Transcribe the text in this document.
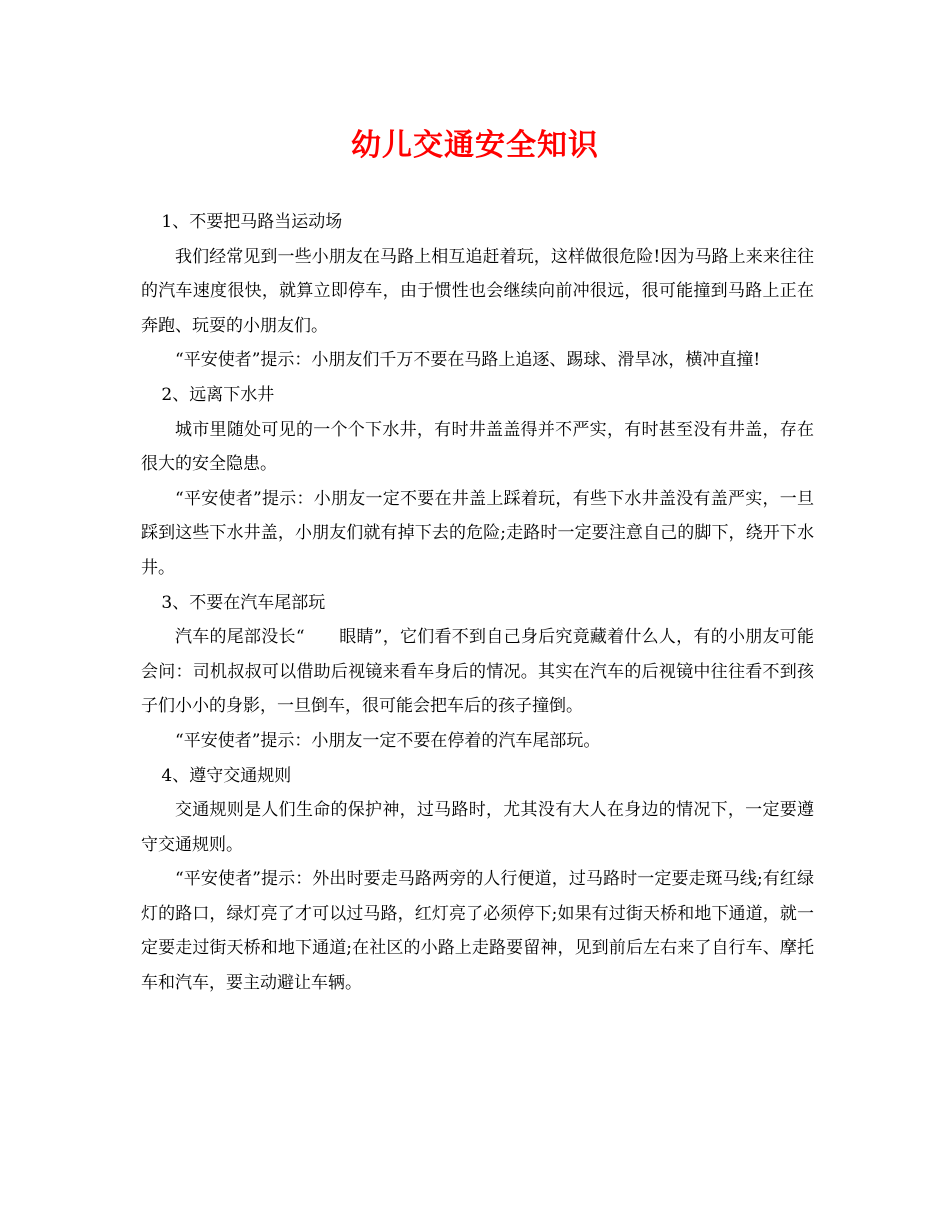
幼儿交通安全知识

1、不要把马路当运动场

我们经常见到一些小朋友在马路上相互追赶着玩，这样做很危险!因为马路上来来往往的汽车速度很快，就算立即停车，由于惯性也会继续向前冲很远，很可能撞到马路上正在奔跑、玩耍的小朋友们。

“平安使者”提示：小朋友们千万不要在马路上追逐、踢球、滑旱冰，横冲直撞!

2、远离下水井

城市里随处可见的一个个下水井，有时井盖盖得并不严实，有时甚至没有井盖，存在很大的安全隐患。

“平安使者”提示：小朋友一定不要在井盖上踩着玩，有些下水井盖没有盖严实，一旦踩到这些下水井盖，小朋友们就有掉下去的危险;走路时一定要注意自己的脚下，绕开下水井。

3、不要在汽车尾部玩

汽车的尾部没长“　　眼睛”，它们看不到自己身后究竟藏着什么人，有的小朋友可能会问：司机叔叔可以借助后视镜来看车身后的情况。其实在汽车的后视镜中往往看不到孩子们小小的身影，一旦倒车，很可能会把车后的孩子撞倒。

“平安使者”提示：小朋友一定不要在停着的汽车尾部玩。

4、遵守交通规则

交通规则是人们生命的保护神，过马路时，尤其没有大人在身边的情况下，一定要遵守交通规则。

“平安使者”提示：外出时要走马路两旁的人行便道，过马路时一定要走斑马线;有红绿灯的路口，绿灯亮了才可以过马路，红灯亮了必须停下;如果有过街天桥和地下通道，就一定要走过街天桥和地下通道;在社区的小路上走路要留神，见到前后左右来了自行车、摩托车和汽车，要主动避让车辆。
